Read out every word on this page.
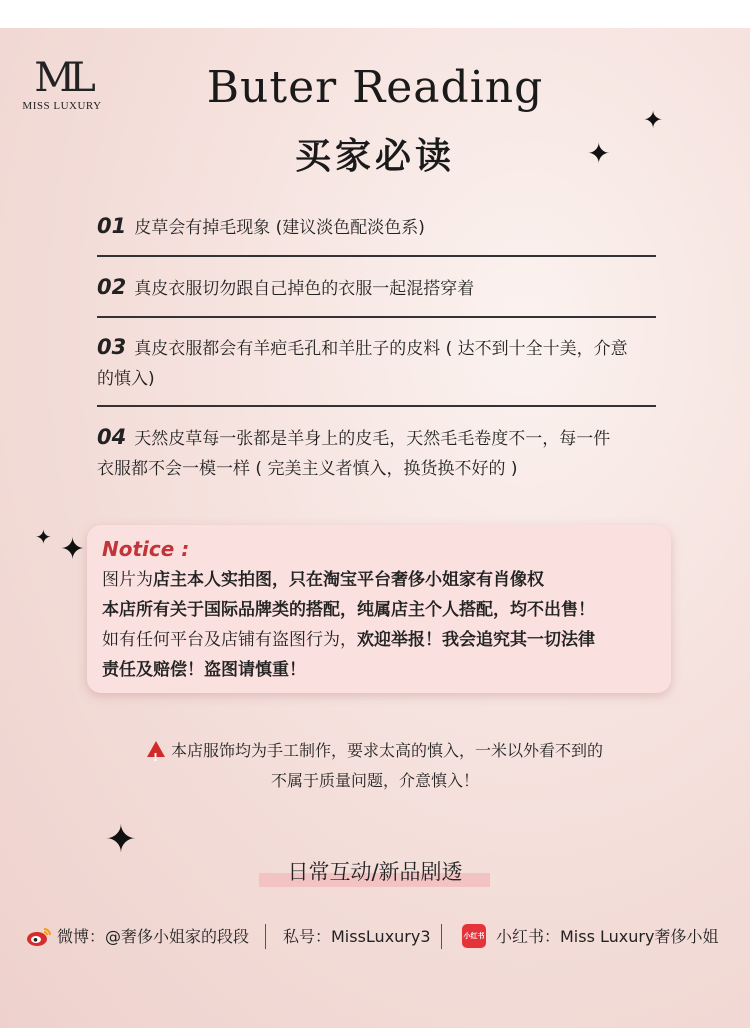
ML
MISS LUXURY	Buter Reading
买家必读
✦
✦
✦ ✦
✦
01 皮草会有掉毛现象 (建议淡色配淡色系)
02 真皮衣服切勿跟自己掉色的衣服一起混搭穿着
03 真皮衣服都会有羊疤毛孔和羊肚子的皮料 ( 达不到十全十美，介意
的慎入)
04 天然皮草每一张都是羊身上的皮毛，天然毛毛卷度不一，每一件
衣服都不会一模一样 ( 完美主义者慎入，换货换不好的 )
Notice :
图片为店主本人实拍图，只在淘宝平台奢侈小姐家有肖像权
本店所有关于国际品牌类的搭配，纯属店主个人搭配，均不出售！
如有任何平台及店铺有盗图行为，欢迎举报！我会追究其一切法律
责任及赔偿！盗图请慎重！
! 本店服饰均为手工制作，要求太高的慎入，一米以外看不到的
不属于质量问题，介意慎入！
日常互动/新品剧透
微博：@奢侈小姐家的段段 私号：MissLuxury3	小红书：Miss Luxury奢侈小姐
小红书
